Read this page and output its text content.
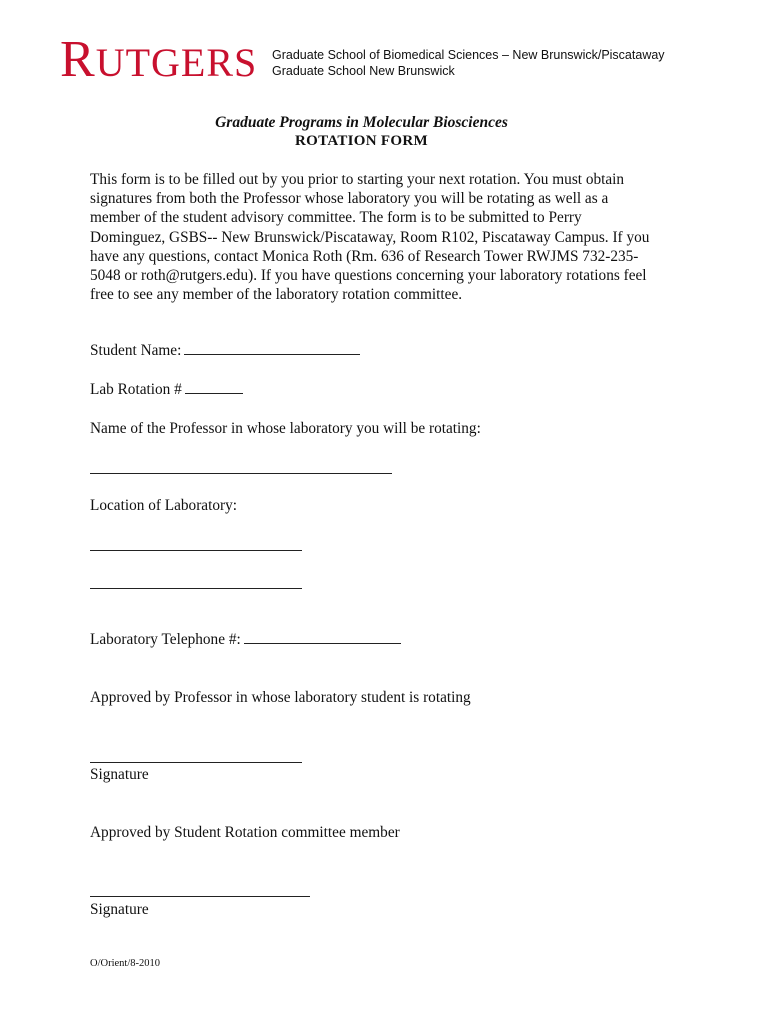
RUTGERS Graduate School of Biomedical Sciences – New Brunswick/Piscataway
Graduate School New Brunswick
Graduate Programs in Molecular Biosciences
ROTATION FORM

This form is to be filled out by you prior to starting your next rotation. You must obtain signatures from both the Professor whose laboratory you will be rotating as well as a member of the student advisory committee. The form is to be submitted to Perry Dominguez, GSBS-- New Brunswick/Piscataway, Room R102, Piscataway Campus. If you have any questions, contact Monica Roth (Rm. 636 of Research Tower RWJMS 732-235-5048 or roth@rutgers.edu). If you have questions concerning your laboratory rotations feel free to see any member of the laboratory rotation committee.

Student Name:
Lab Rotation #
Name of the Professor in whose laboratory you will be rotating:
Location of Laboratory:
Laboratory Telephone #:
Approved by Professor in whose laboratory student is rotating
Signature
Approved by Student Rotation committee member
Signature
O/Orient/8-2010
